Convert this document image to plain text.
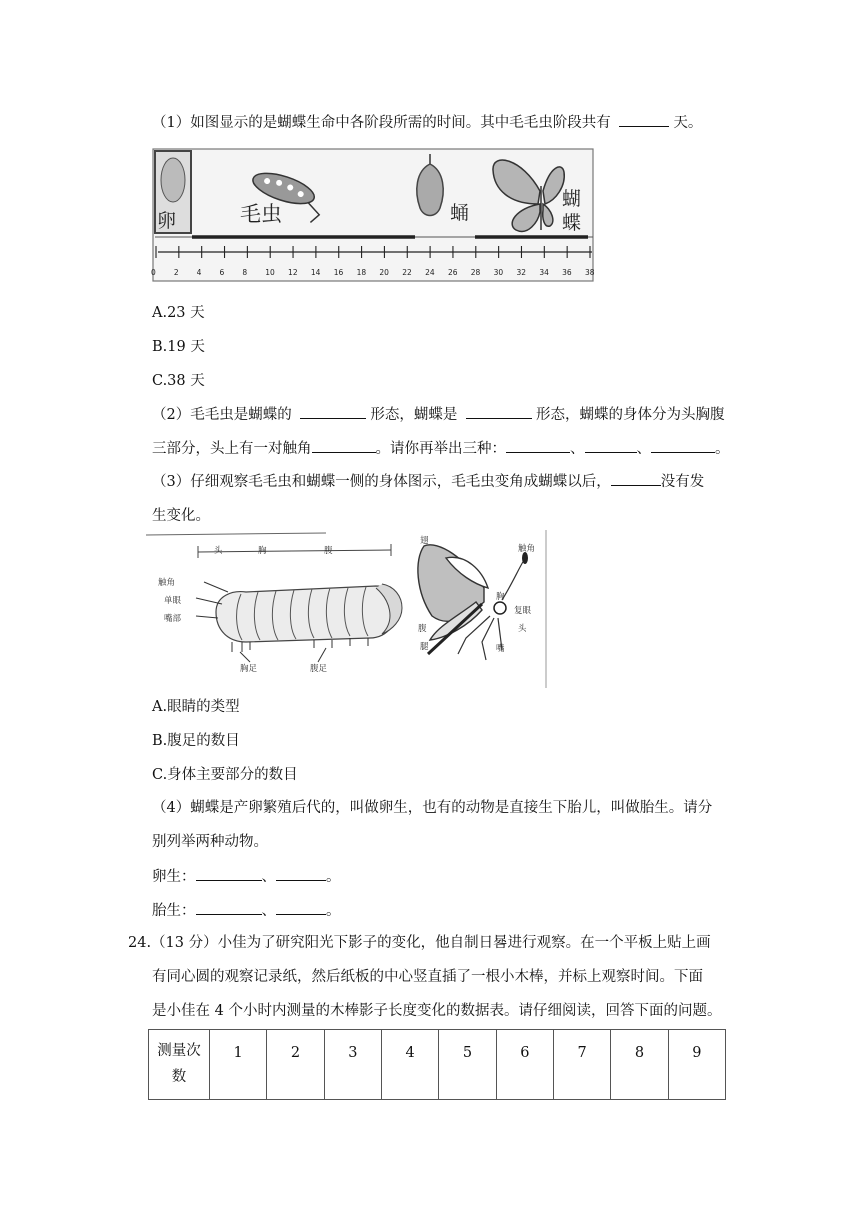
（1）如图显示的是蝴蝶生命中各阶段所需的时间。其中毛毛虫阶段共有	天。
卵	毛虫	蛹
蝴
蝶
0 2 4 6 8 10 12 14 16 18 20 22 24 26 28 30 32 34 36 38
A.23 天
B.19 天
C.38 天
（2）毛毛虫是蝴蝶的	形态，蝴蝶是	形态，蝴蝶的身体分为头胸腹
三部分，头上有一对触角	。请你再举出三种：	、	、	。
（3）仔细观察毛毛虫和蝴蝶一侧的身体图示，毛毛虫变角成蝴蝶以后，	没有发
生变化。
头	胸	腹
触角
单眼
嘴部
胸足	腹足
翅
胸
触角
复眼
头
腹
腿	嘴
A.眼睛的类型
B.腹足的数目
C.身体主要部分的数目
（4）蝴蝶是产卵繁殖后代的，叫做卵生，也有的动物是直接生下胎儿，叫做胎生。请分
别列举两种动物。
卵生：	、	。
胎生：	、	。
24.（13 分）小佳为了研究阳光下影子的变化，他自制日晷进行观察。在一个平板上贴上画
有同心圆的观察记录纸，然后纸板的中心竖直插了一根小木棒，并标上观察时间。下面
是小佳在 4 个小时内测量的木棒影子长度变化的数据表。请仔细阅读，回答下面的问题。
测量次
数
	1	2	3	4	5	6	7	8	9
